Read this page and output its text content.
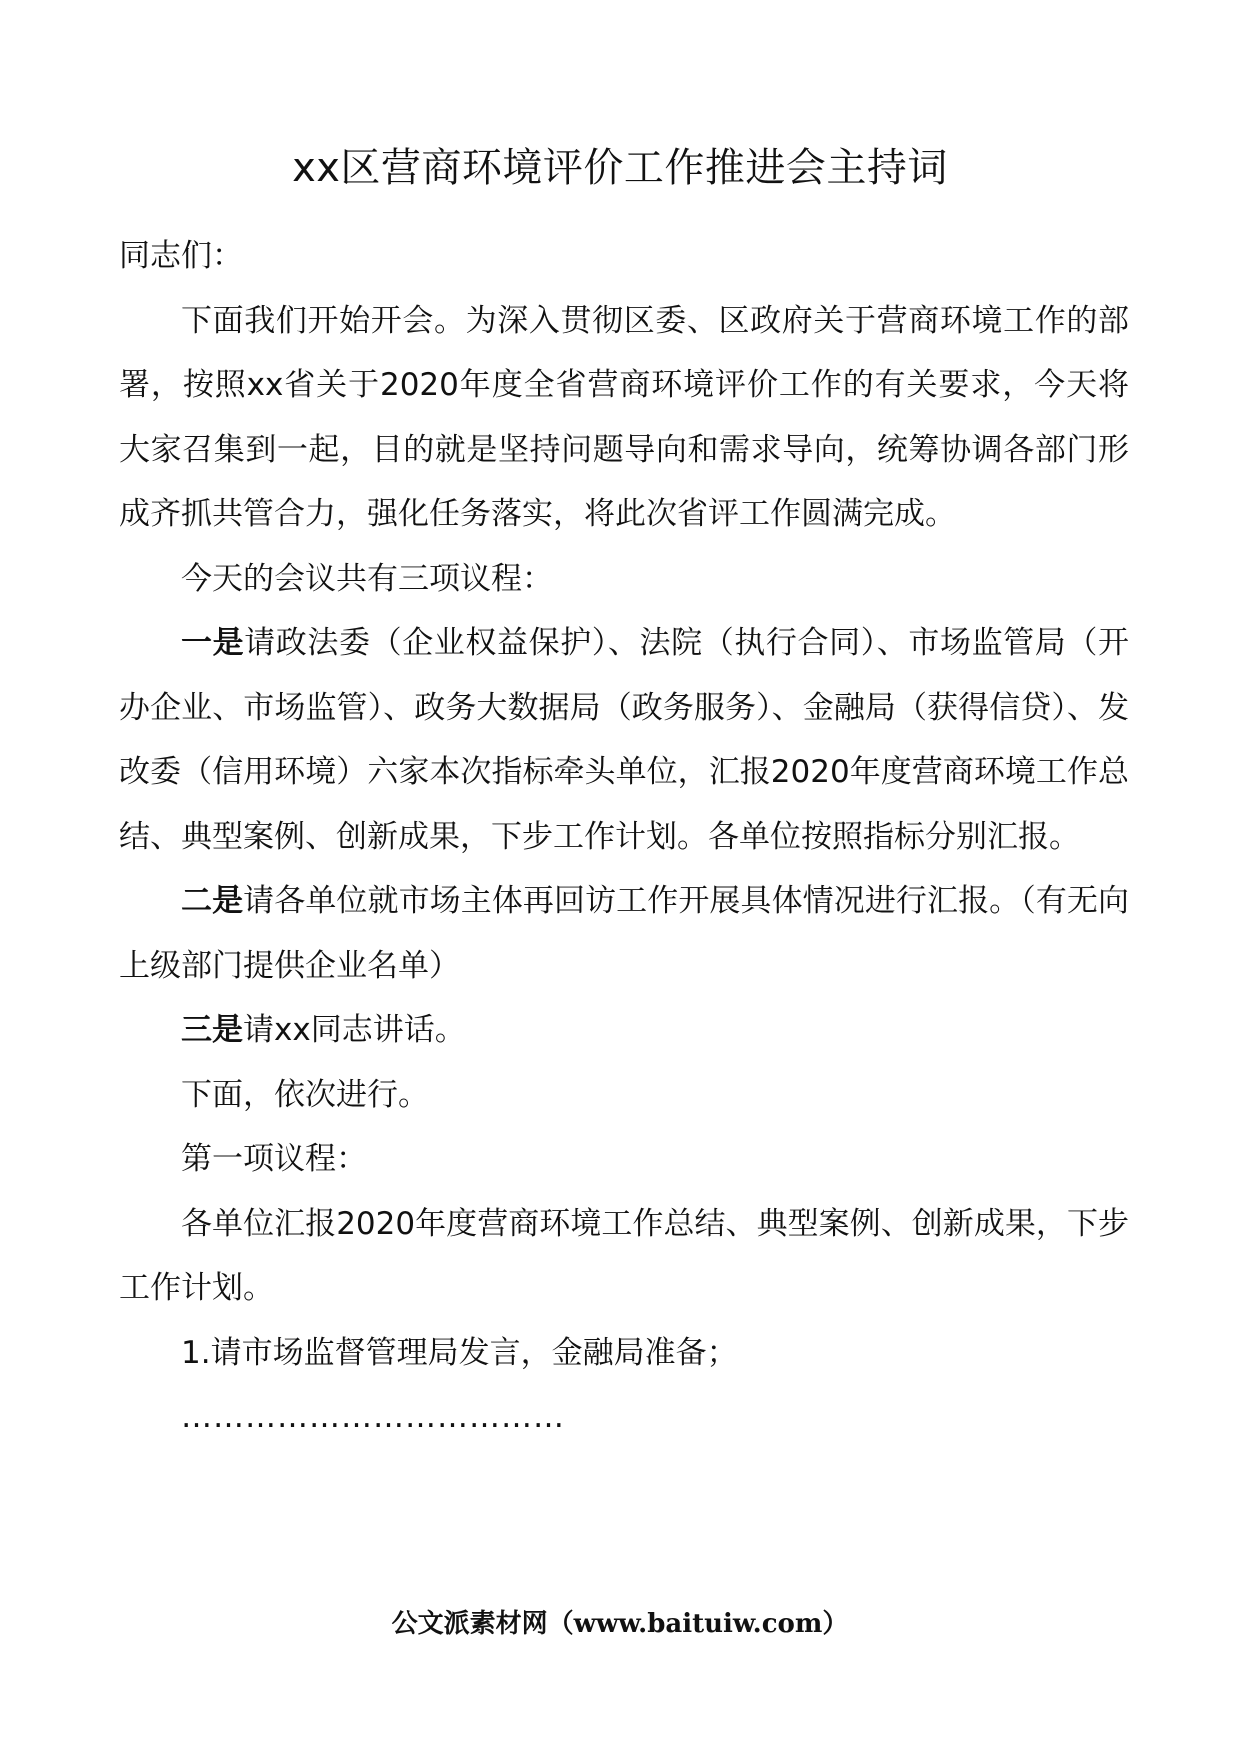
xx区营商环境评价工作推进会主持词

同志们：

下面我们开始开会。为深入贯彻区委、区政府关于营商环境工作的部署，按照xx省关于2020年度全省营商环境评价工作的有关要求，今天将大家召集到一起，目的就是坚持问题导向和需求导向，统筹协调各部门形成齐抓共管合力，强化任务落实，将此次省评工作圆满完成。

今天的会议共有三项议程：

一是请政法委（企业权益保护）、法院（执行合同）、市场监管局（开办企业、市场监管）、政务大数据局（政务服务）、金融局（获得信贷）、发改委（信用环境）六家本次指标牵头单位，汇报2020年度营商环境工作总结、典型案例、创新成果，下步工作计划。各单位按照指标分别汇报。

二是请各单位就市场主体再回访工作开展具体情况进行汇报。（有无向上级部门提供企业名单）

三是请xx同志讲话。

下面，依次进行。

第一项议程：

各单位汇报2020年度营商环境工作总结、典型案例、创新成果，下步工作计划。

1.请市场监督管理局发言，金融局准备；

………………………………

公文派素材网（www.baituiw.com）
